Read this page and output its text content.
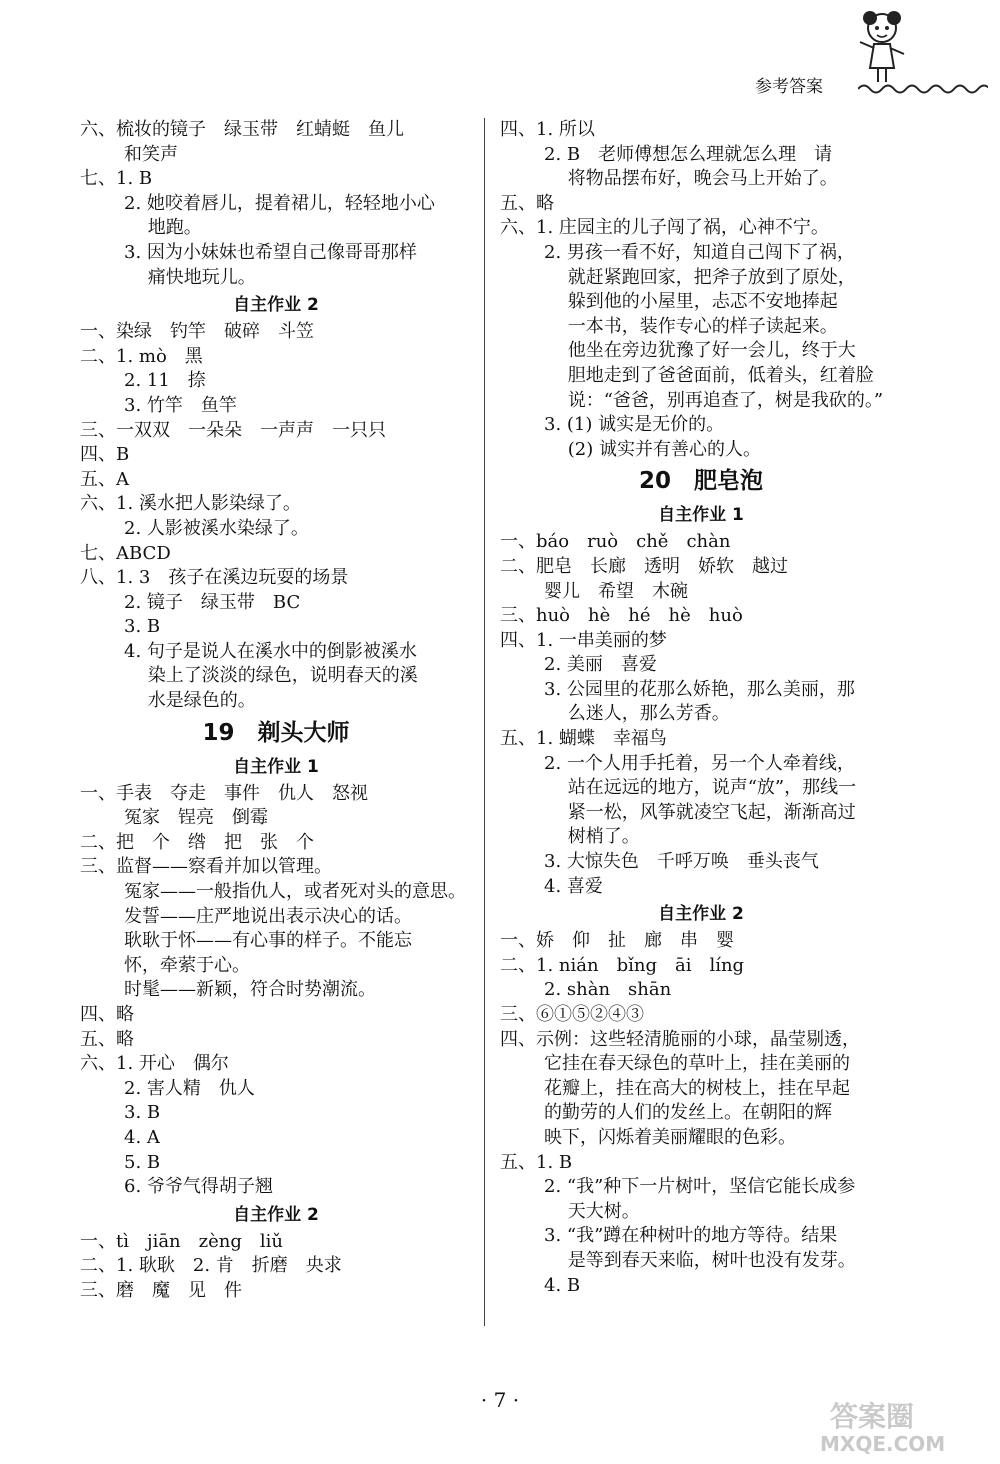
参考答案
六、梳妆的镜子　绿玉带　红蜻蜓　鱼儿
和笑声
七、1. B
2. 她咬着唇儿，提着裙儿，轻轻地小心
　 地跑。
3. 因为小妹妹也希望自己像哥哥那样
　 痛快地玩儿。
自主作业 2
一、染绿　钓竿　破碎　斗笠
二、1. mò　黑
2. 11　捺
3. 竹竿　鱼竿
三、一双双　一朵朵　一声声　一只只
四、B
五、A
六、1. 溪水把人影染绿了。
2. 人影被溪水染绿了。
七、ABCD
八、1. 3　孩子在溪边玩耍的场景
2. 镜子　绿玉带　BC
3. B
4. 句子是说人在溪水中的倒影被溪水
　 染上了淡淡的绿色，说明春天的溪
　 水是绿色的。
19　剃头大师
自主作业 1
一、手表　夺走　事件　仇人　怒视
冤家　锃亮　倒霉
二、把　个　绺　把　张　个
三、监督——察看并加以管理。
冤家——一般指仇人，或者死对头的意思。
发誓——庄严地说出表示决心的话。
耿耿于怀——有心事的样子。不能忘
怀，牵萦于心。
时髦——新颖，符合时势潮流。
四、略
五、略
六、1. 开心　偶尔
2. 害人精　仇人
3. B
4. A
5. B
6. 爷爷气得胡子翘
自主作业 2
一、tì　jiān　zèng　liǔ
二、1. 耿耿　2. 肯　折磨　央求
三、磨　魔　见　件
四、1. 所以
2. B　老师傅想怎么理就怎么理　请
　 将物品摆布好，晚会马上开始了。
五、略
六、1. 庄园主的儿子闯了祸，心神不宁。
2. 男孩一看不好，知道自己闯下了祸，
　 就赶紧跑回家，把斧子放到了原处，
　 躲到他的小屋里，忐忑不安地捧起
　 一本书，装作专心的样子读起来。
　 他坐在旁边犹豫了好一会儿，终于大
　 胆地走到了爸爸面前，低着头，红着脸
　 说：“爸爸，别再追查了，树是我砍的。”
3. (1) 诚实是无价的。
　 (2) 诚实并有善心的人。
20　肥皂泡
自主作业 1
一、báo　ruò　chě　chàn
二、肥皂　长廊　透明　娇软　越过
婴儿　希望　木碗
三、huò　hè　hé　hè　huò
四、1. 一串美丽的梦
2. 美丽　喜爱
3. 公园里的花那么娇艳，那么美丽，那
　 么迷人，那么芳香。
五、1. 蝴蝶　幸福鸟
2. 一个人用手托着，另一个人牵着线，
　 站在远远的地方，说声“放”，那线一
　 紧一松，风筝就凌空飞起，渐渐高过
　 树梢了。
3. 大惊失色　千呼万唤　垂头丧气
4. 喜爱
自主作业 2
一、娇　仰　扯　廊　串　婴
二、1. nián　bǐng　āi　líng
2. shàn　shān
三、⑥①⑤②④③
四、示例：这些轻清脆丽的小球，晶莹剔透，
它挂在春天绿色的草叶上，挂在美丽的
花瓣上，挂在高大的树枝上，挂在早起
的勤劳的人们的发丝上。在朝阳的辉
映下，闪烁着美丽耀眼的色彩。
五、1. B
2. “我”种下一片树叶，坚信它能长成参
　 天大树。
3. “我”蹲在种树叶的地方等待。结果
　 是等到春天来临，树叶也没有发芽。
4. B
· 7 ·	答案圈
MXQE.COM
